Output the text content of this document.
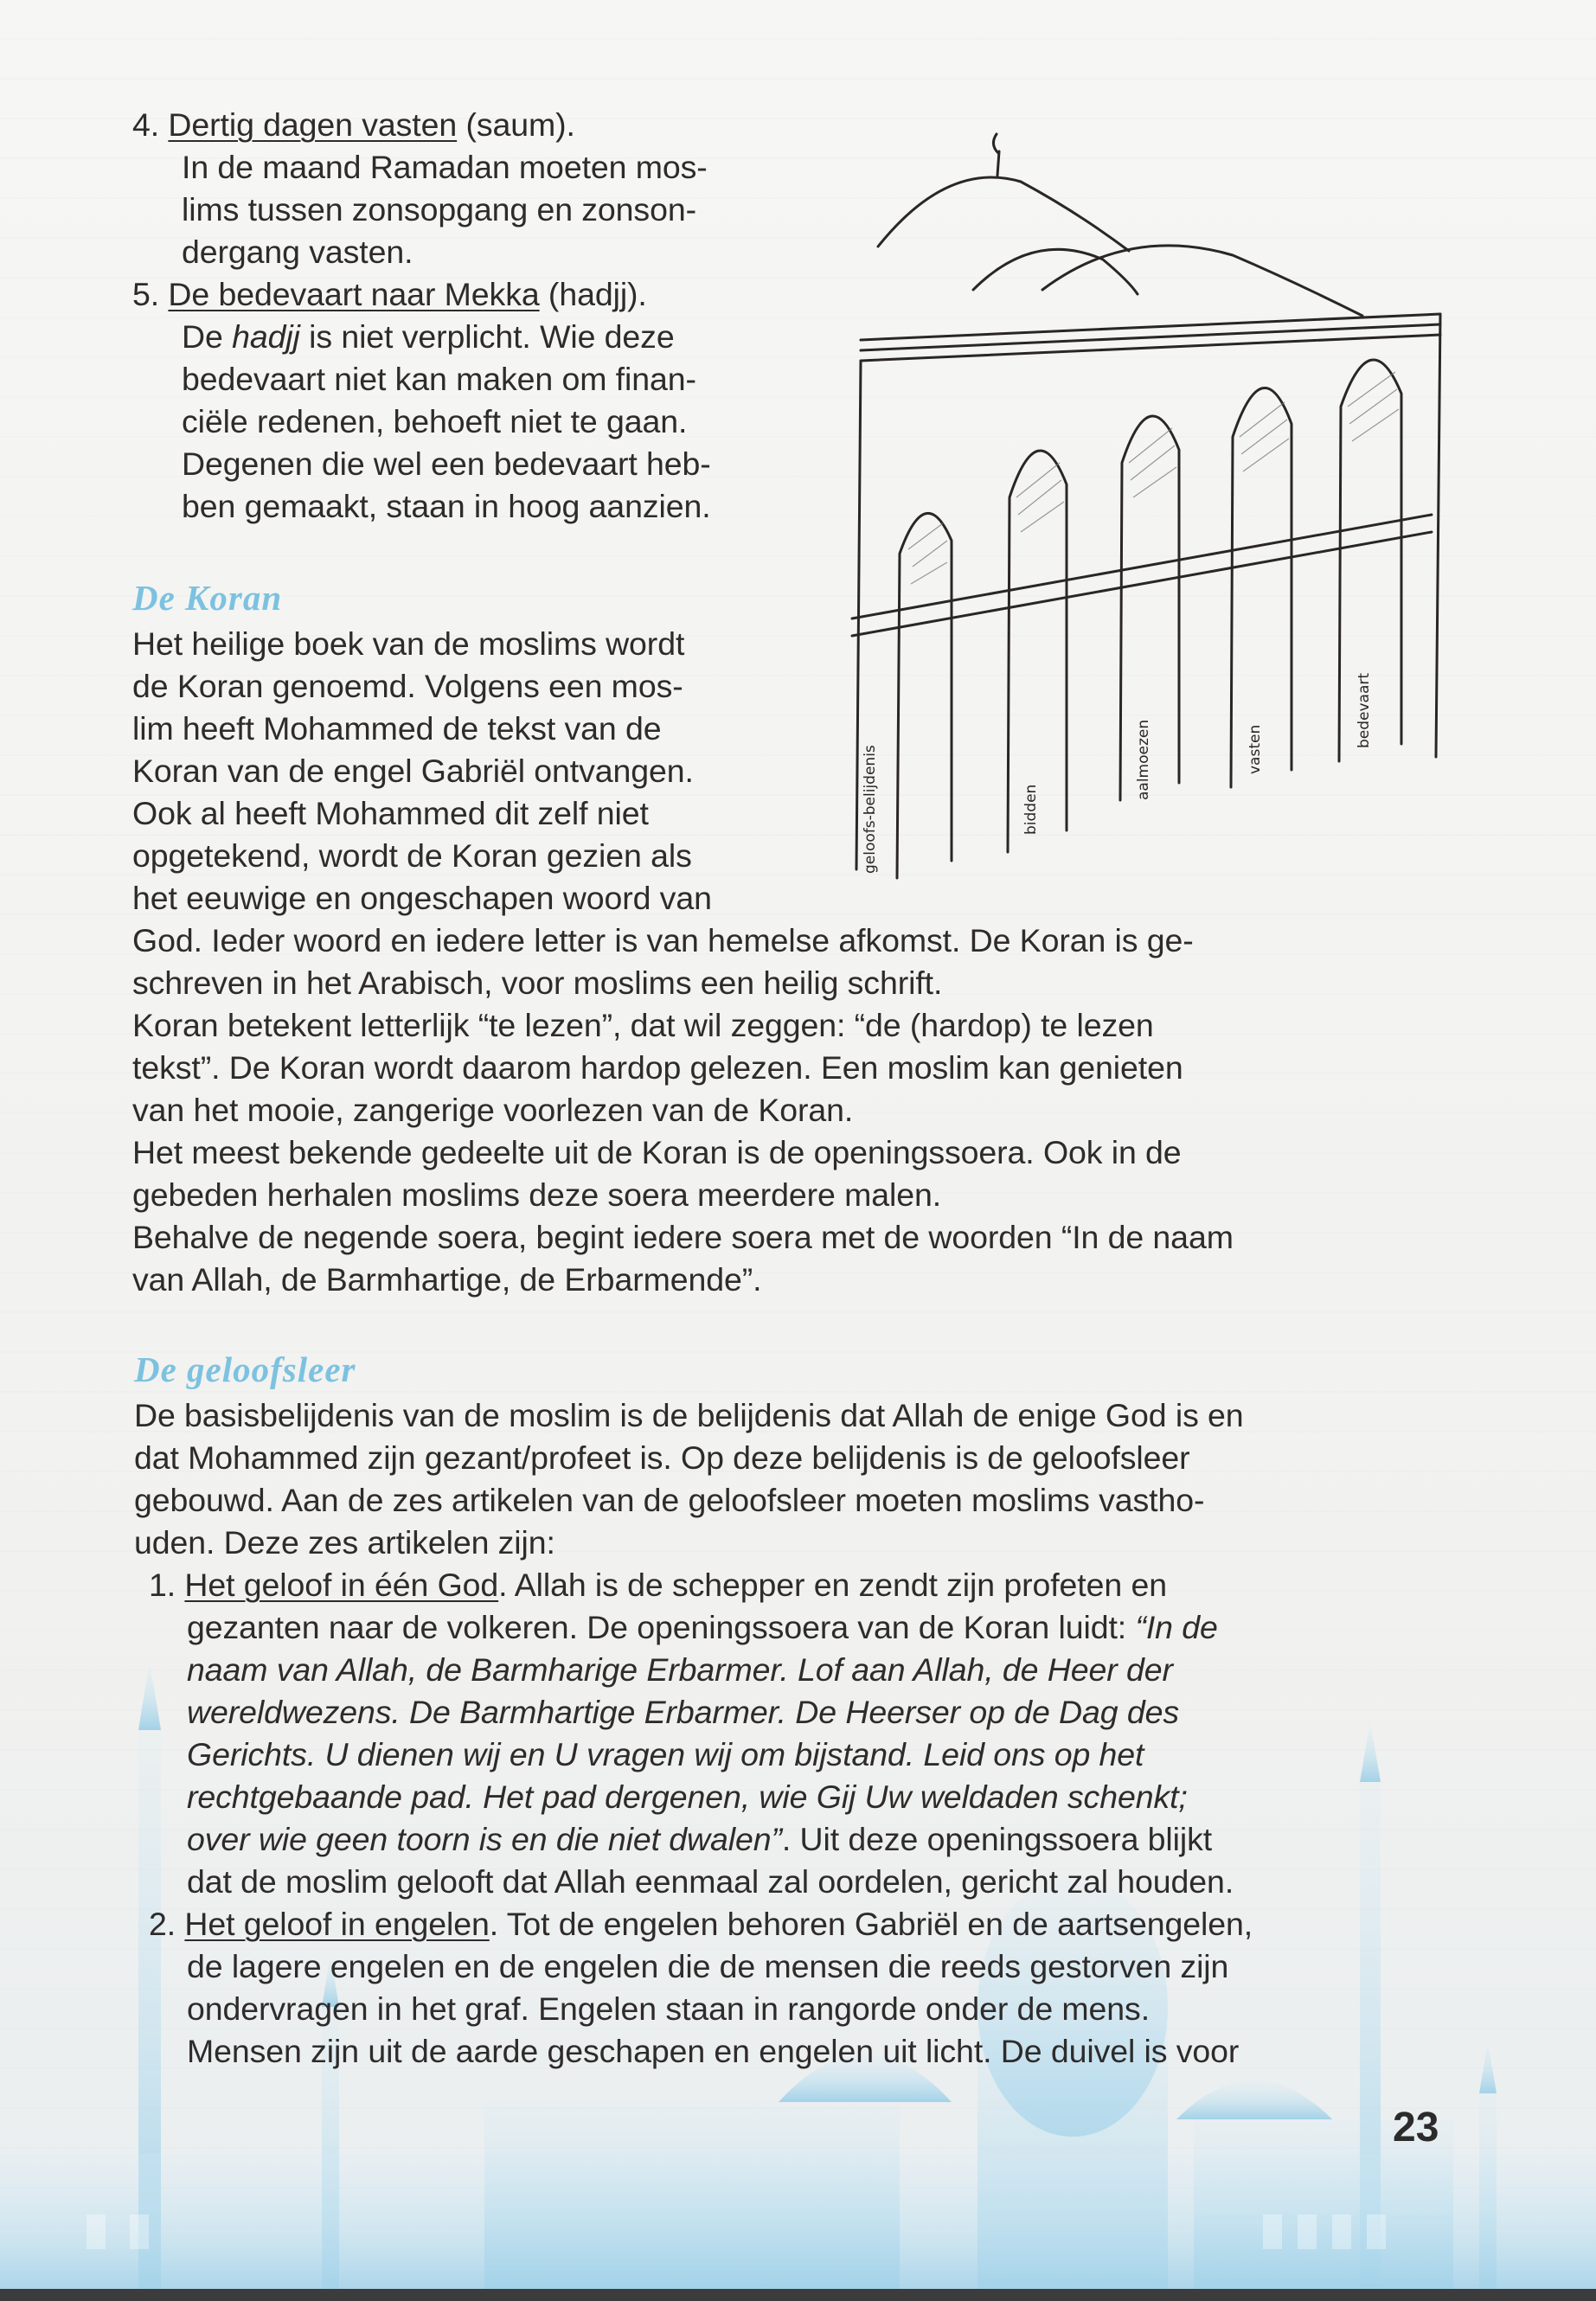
geloofs-belijdenis	bidden
aalmoezen	vasten
bedevaart

4. Dertig dagen vasten (saum).

In de maand Ramadan moeten mos-

lims tussen zonsopgang en zonson-

dergang vasten.

5. De bedevaart naar Mekka (hadjj).

De hadjj is niet verplicht. Wie deze

bedevaart niet kan maken om finan-

ciële redenen, behoeft niet te gaan.

Degenen die wel een bedevaart heb-

ben gemaakt, staan in hoog aanzien.

De Koran

Het heilige boek van de moslims wordt

de Koran genoemd. Volgens een mos-

lim heeft Mohammed de tekst van de

Koran van de engel Gabriël ontvangen.

Ook al heeft Mohammed dit zelf niet

opgetekend, wordt de Koran gezien als

het eeuwige en ongeschapen woord van

God. Ieder woord en iedere letter is van hemelse afkomst. De Koran is ge-

schreven in het Arabisch, voor moslims een heilig schrift.

Koran betekent letterlijk “te lezen”, dat wil zeggen: “de (hardop) te lezen

tekst”. De Koran wordt daarom hardop gelezen. Een moslim kan genieten

van het mooie, zangerige voorlezen van de Koran.

Het meest bekende gedeelte uit de Koran is de openingssoera. Ook in de

gebeden herhalen moslims deze soera meerdere malen.

Behalve de negende soera, begint iedere soera met de woorden “In de naam

van Allah, de Barmhartige, de Erbarmende”.

De geloofsleer

De basisbelijdenis van de moslim is de belijdenis dat Allah de enige God is en

dat Mohammed zijn gezant/profeet is. Op deze belijdenis is de geloofsleer

gebouwd. Aan de zes artikelen van de geloofsleer moeten moslims vastho-

uden. Deze zes artikelen zijn:

1. Het geloof in één God. Allah is de schepper en zendt zijn profeten en

gezanten naar de volkeren. De openingssoera van de Koran luidt: “In de

naam van Allah, de Barmharige Erbarmer. Lof aan Allah, de Heer der

wereldwezens. De Barmhartige Erbarmer. De Heerser op de Dag des

Gerichts. U dienen wij en U vragen wij om bijstand. Leid ons op het

rechtgebaande pad. Het pad dergenen, wie Gij Uw weldaden schenkt;

over wie geen toorn is en die niet dwalen”. Uit deze openingssoera blijkt

dat de moslim gelooft dat Allah eenmaal zal oordelen, gericht zal houden.

2. Het geloof in engelen. Tot de engelen behoren Gabriël en de aartsengelen,

de lagere engelen en de engelen die de mensen die reeds gestorven zijn

ondervragen in het graf. Engelen staan in rangorde onder de mens.

Mensen zijn uit de aarde geschapen en engelen uit licht. De duivel is voor

23
